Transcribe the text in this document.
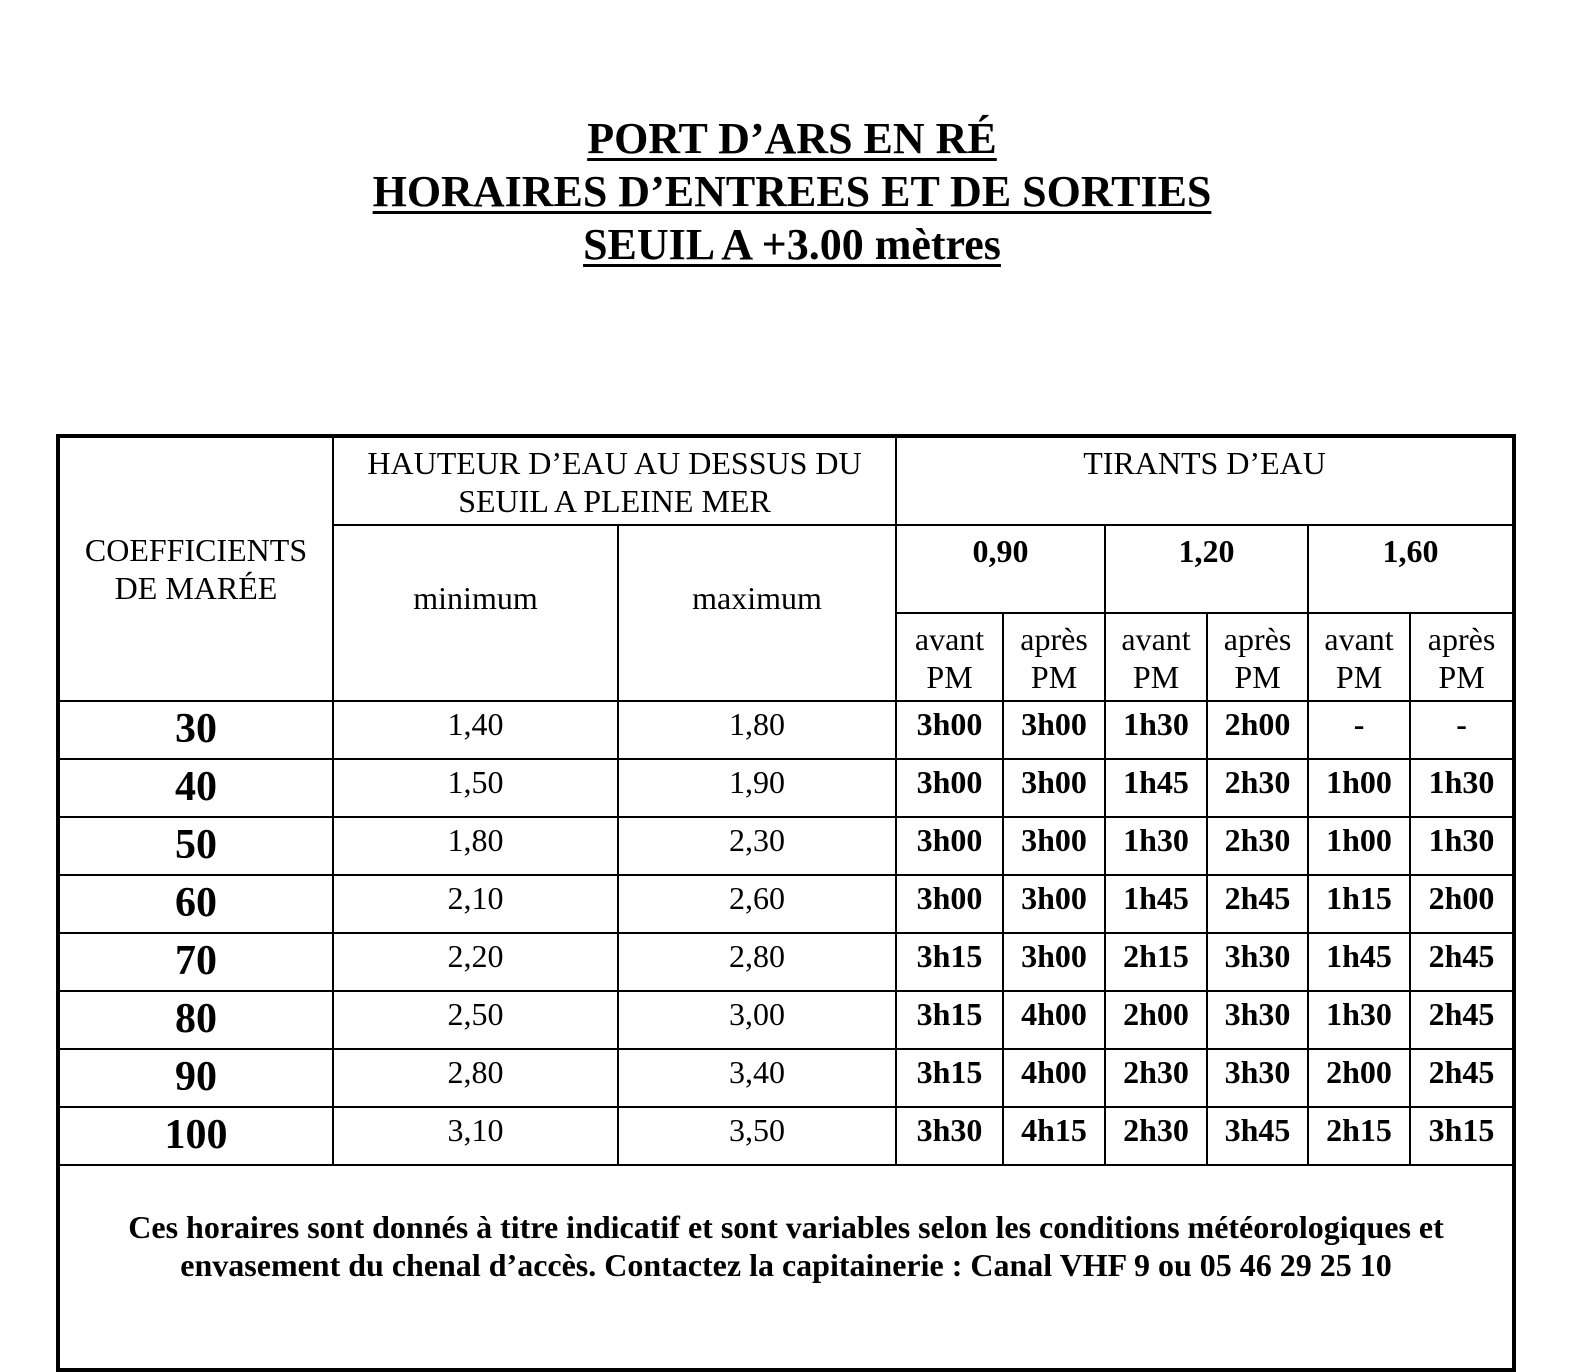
PORT D’ARS EN RÉ
HORAIRES D’ENTREES ET DE SORTIES
SEUIL A +3.00 mètres
COEFFICIENTS DE MARÉE	HAUTEUR D’EAU AU DESSUS DU SEUIL A PLEINE MER		TIRANTS D’EAU					
	minimum	maximum	0,90		1,20		1,60	
			avant PM	après PM	avant PM	après PM	avant PM	après PM
30	1,40	1,80	3h00	3h00	1h30	2h00	-	-
40	1,50	1,90	3h00	3h00	1h45	2h30	1h00	1h30
50	1,80	2,30	3h00	3h00	1h30	2h30	1h00	1h30
60	2,10	2,60	3h00	3h00	1h45	2h45	1h15	2h00
70	2,20	2,80	3h15	3h00	2h15	3h30	1h45	2h45
80	2,50	3,00	3h15	4h00	2h00	3h30	1h30	2h45
90	2,80	3,40	3h15	4h00	2h30	3h30	2h00	2h45
100	3,10	3,50	3h30	4h15	2h30	3h45	2h15	3h15
Ces horaires sont donnés à titre indicatif et sont variables selon les conditions météorologiques et envasement du chenal d’accès. Contactez la capitainerie : Canal VHF 9 ou 05 46 29 25 10								
